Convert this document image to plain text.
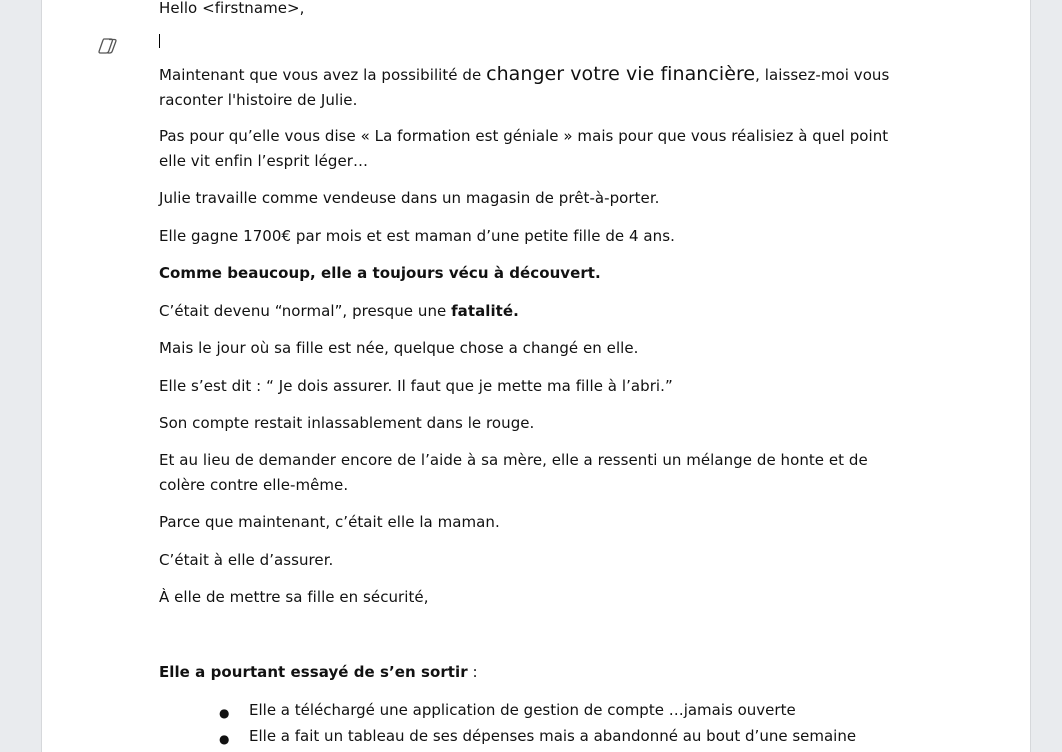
Hello <firstname>,

Maintenant que vous avez la possibilité de changer votre vie financière, laissez-moi vous raconter l'histoire de Julie.

Pas pour qu’elle vous dise « La formation est géniale » mais pour que vous réalisiez à quel point elle vit enfin l’esprit léger…

Julie travaille comme vendeuse dans un magasin de prêt-à-porter.

Elle gagne 1700€ par mois et est maman d’une petite fille de 4 ans.

Comme beaucoup, elle a toujours vécu à découvert.

C’était devenu “normal”, presque une fatalité.

Mais le jour où sa fille est née, quelque chose a changé en elle.

Elle s’est dit : “ Je dois assurer. Il faut que je mette ma fille à l’abri.”

Son compte restait inlassablement dans le rouge.

Et au lieu de demander encore de l’aide à sa mère, elle a ressenti un mélange de honte et de colère contre elle-même.

Parce que maintenant, c’était elle la maman.

C’était à elle d’assurer.

À elle de mettre sa fille en sécurité,

Elle a pourtant essayé de s’en sortir :

● Elle a téléchargé une application de gestion de compte …jamais ouverte
● Elle a fait un tableau de ses dépenses mais a abandonné au bout d’une semaine
